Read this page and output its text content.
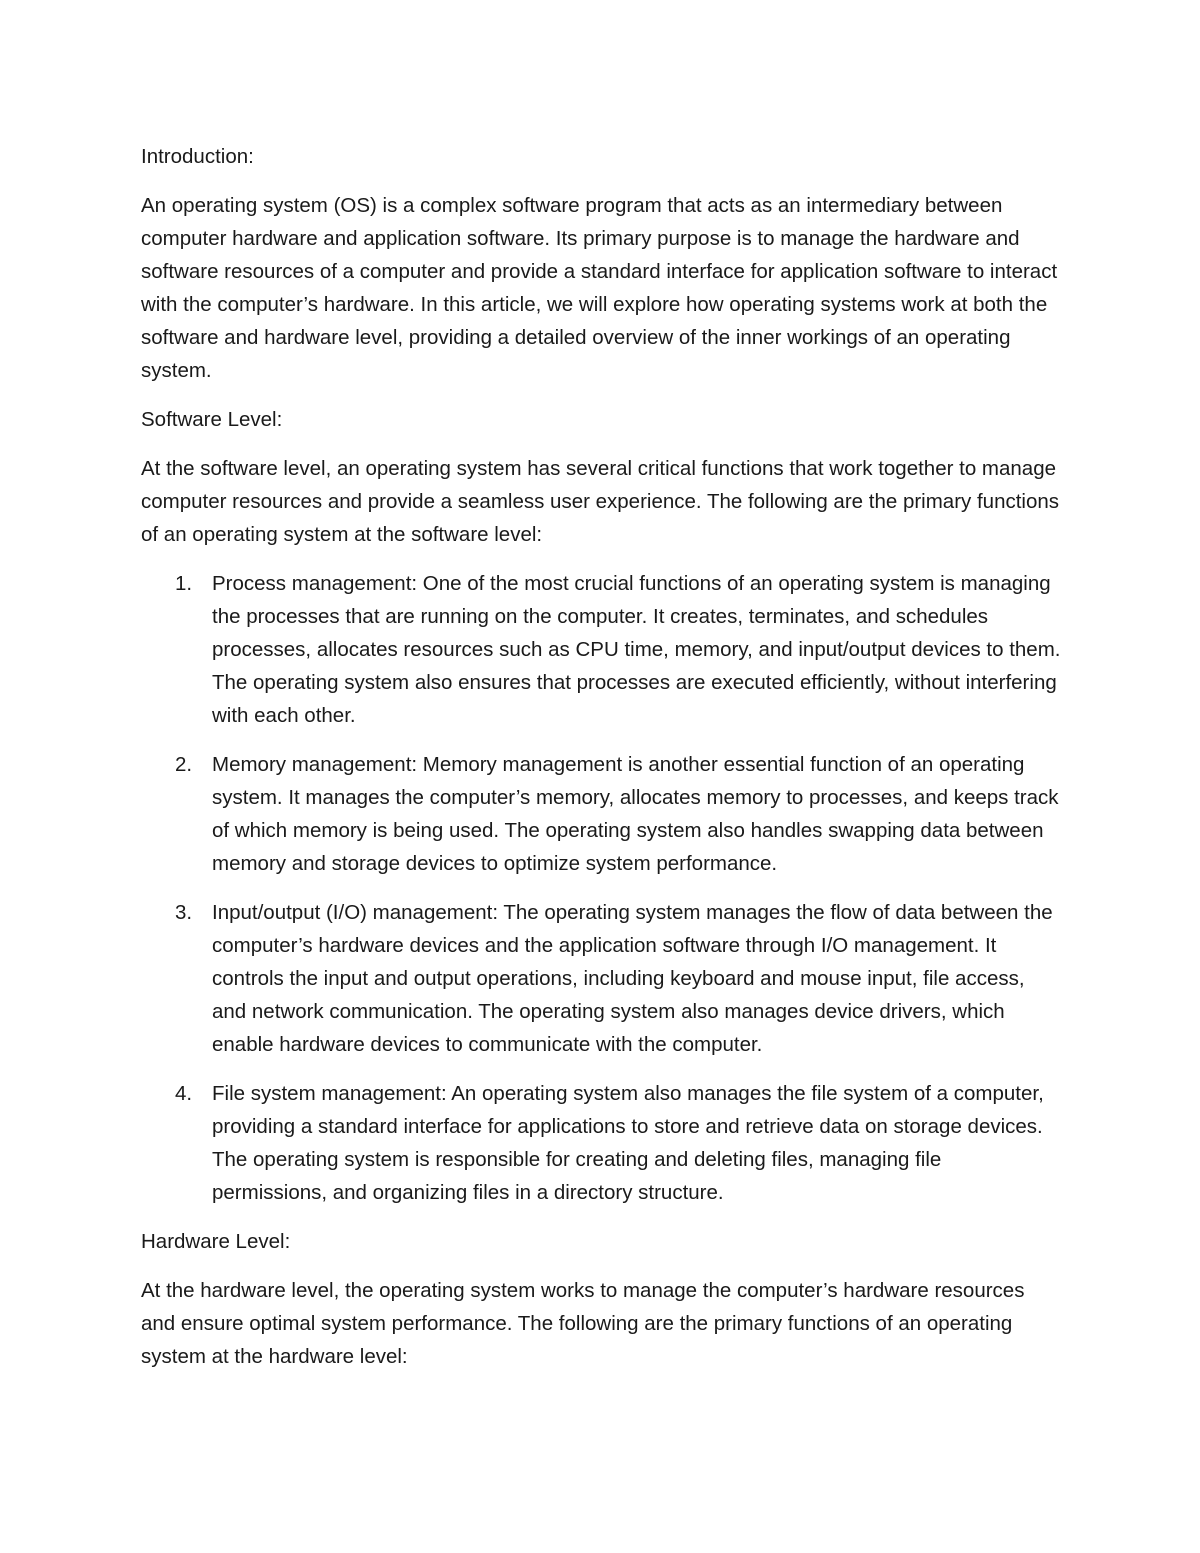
Introduction:

An operating system (OS) is a complex software program that acts as an intermediary between computer hardware and application software. Its primary purpose is to manage the hardware and software resources of a computer and provide a standard interface for application software to interact with the computer’s hardware. In this article, we will explore how operating systems work at both the software and hardware level, providing a detailed overview of the inner workings of an operating system.

Software Level:

At the software level, an operating system has several critical functions that work together to manage computer resources and provide a seamless user experience. The following are the primary functions of an operating system at the software level:

1. Process management: One of the most crucial functions of an operating system is managing the processes that are running on the computer. It creates, terminates, and schedules processes, allocates resources such as CPU time, memory, and input/output devices to them. The operating system also ensures that processes are executed efficiently, without interfering with each other.
2. Memory management: Memory management is another essential function of an operating system. It manages the computer’s memory, allocates memory to processes, and keeps track of which memory is being used. The operating system also handles swapping data between memory and storage devices to optimize system performance.
3. Input/output (I/O) management: The operating system manages the flow of data between the computer’s hardware devices and the application software through I/O management. It controls the input and output operations, including keyboard and mouse input, file access, and network communication. The operating system also manages device drivers, which enable hardware devices to communicate with the computer.
4. File system management: An operating system also manages the file system of a computer, providing a standard interface for applications to store and retrieve data on storage devices. The operating system is responsible for creating and deleting files, managing file permissions, and organizing files in a directory structure.
Hardware Level:

At the hardware level, the operating system works to manage the computer’s hardware resources and ensure optimal system performance. The following are the primary functions of an operating system at the hardware level:
